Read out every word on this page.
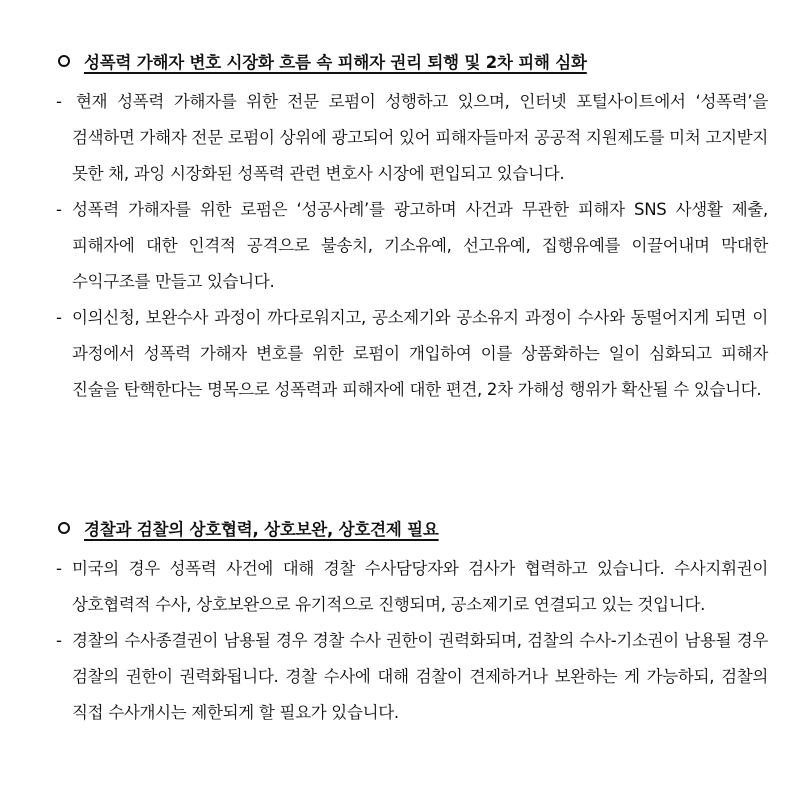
성폭력 가해자 변호 시장화 흐름 속 피해자 권리 퇴행 및 2차 피해 심화
- 현재 성폭력 가해자를 위한 전문 로펌이 성행하고 있으며, 인터넷 포털사이트에서 ‘성폭력’을 검색하면 가해자 전문 로펌이 상위에 광고되어 있어 피해자들마저 공공적 지원제도를 미처 고지받지 못한 채, 과잉 시장화된 성폭력 관련 변호사 시장에 편입되고 있습니다.
- 성폭력 가해자를 위한 로펌은 ‘성공사례’를 광고하며 사건과 무관한 피해자 SNS 사생활 제출, 피해자에 대한 인격적 공격으로 불송치, 기소유예, 선고유예, 집행유예를 이끌어내며 막대한 수익구조를 만들고 있습니다.
- 이의신청, 보완수사 과정이 까다로워지고, 공소제기와 공소유지 과정이 수사와 동떨어지게 되면 이 과정에서 성폭력 가해자 변호를 위한 로펌이 개입하여 이를 상품화하는 일이 심화되고 피해자 진술을 탄핵한다는 명목으로 성폭력과 피해자에 대한 편견, 2차 가해성 행위가 확산될 수 있습니다.
경찰과 검찰의 상호협력, 상호보완, 상호견제 필요
- 미국의 경우 성폭력 사건에 대해 경찰 수사담당자와 검사가 협력하고 있습니다. 수사지휘권이 상호협력적 수사, 상호보완으로 유기적으로 진행되며, 공소제기로 연결되고 있는 것입니다.
- 경찰의 수사종결권이 남용될 경우 경찰 수사 권한이 권력화되며, 검찰의 수사-기소권이 남용될 경우 검찰의 권한이 권력화됩니다. 경찰 수사에 대해 검찰이 견제하거나 보완하는 게 가능하되, 검찰의 직접 수사개시는 제한되게 할 필요가 있습니다.
